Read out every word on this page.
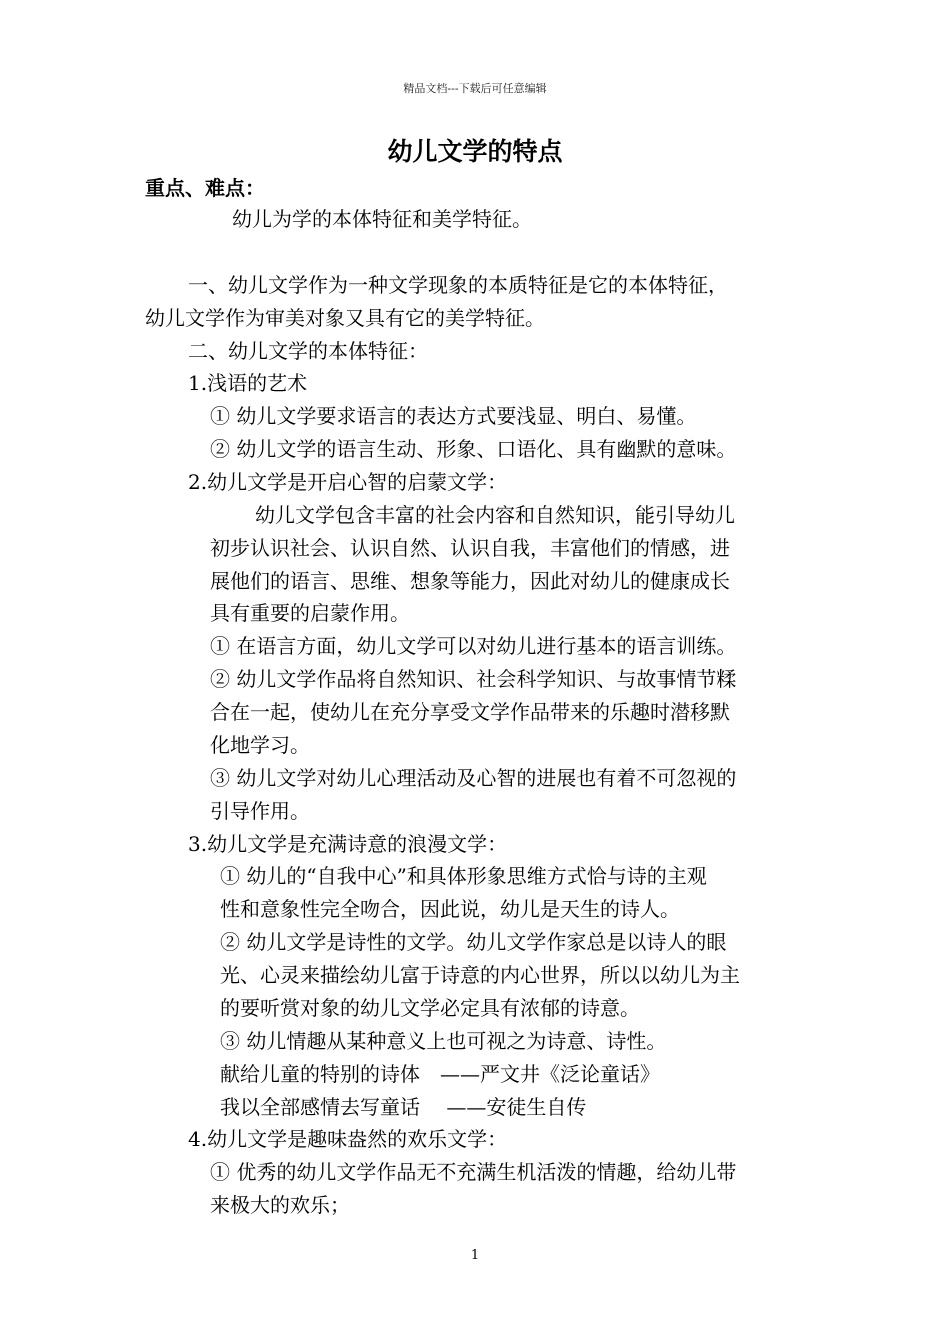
精品文档---下载后可任意编辑
幼儿文学的特点
重点、难点：
幼儿为学的本体特征和美学特征。
一、幼儿文学作为一种文学现象的本质特征是它的本体特征，
幼儿文学作为审美对象又具有它的美学特征。
二、幼儿文学的本体特征：
1.浅语的艺术
① 幼儿文学要求语言的表达方式要浅显、明白、易懂。
② 幼儿文学的语言生动、形象、口语化、具有幽默的意味。
2.幼儿文学是开启心智的启蒙文学：
幼儿文学包含丰富的社会内容和自然知识，能引导幼儿
初步认识社会、认识自然、认识自我，丰富他们的情感，进
展他们的语言、思维、想象等能力，因此对幼儿的健康成长
具有重要的启蒙作用。
① 在语言方面，幼儿文学可以对幼儿进行基本的语言训练。
② 幼儿文学作品将自然知识、社会科学知识、与故事情节糅
合在一起，使幼儿在充分享受文学作品带来的乐趣时潜移默
化地学习。
③ 幼儿文学对幼儿心理活动及心智的进展也有着不可忽视的
引导作用。
3.幼儿文学是充满诗意的浪漫文学：
① 幼儿的“自我中心”和具体形象思维方式恰与诗的主观
性和意象性完全吻合，因此说，幼儿是天生的诗人。
② 幼儿文学是诗性的文学。幼儿文学作家总是以诗人的眼
光、心灵来描绘幼儿富于诗意的内心世界，所以以幼儿为主
的要听赏对象的幼儿文学必定具有浓郁的诗意。
③ 幼儿情趣从某种意义上也可视之为诗意、诗性。
献给儿童的特别的诗体　——严文井《泛论童话》
我以全部感情去写童话　 ——安徒生自传
4.幼儿文学是趣味盎然的欢乐文学：
① 优秀的幼儿文学作品无不充满生机活泼的情趣，给幼儿带
来极大的欢乐；
1
